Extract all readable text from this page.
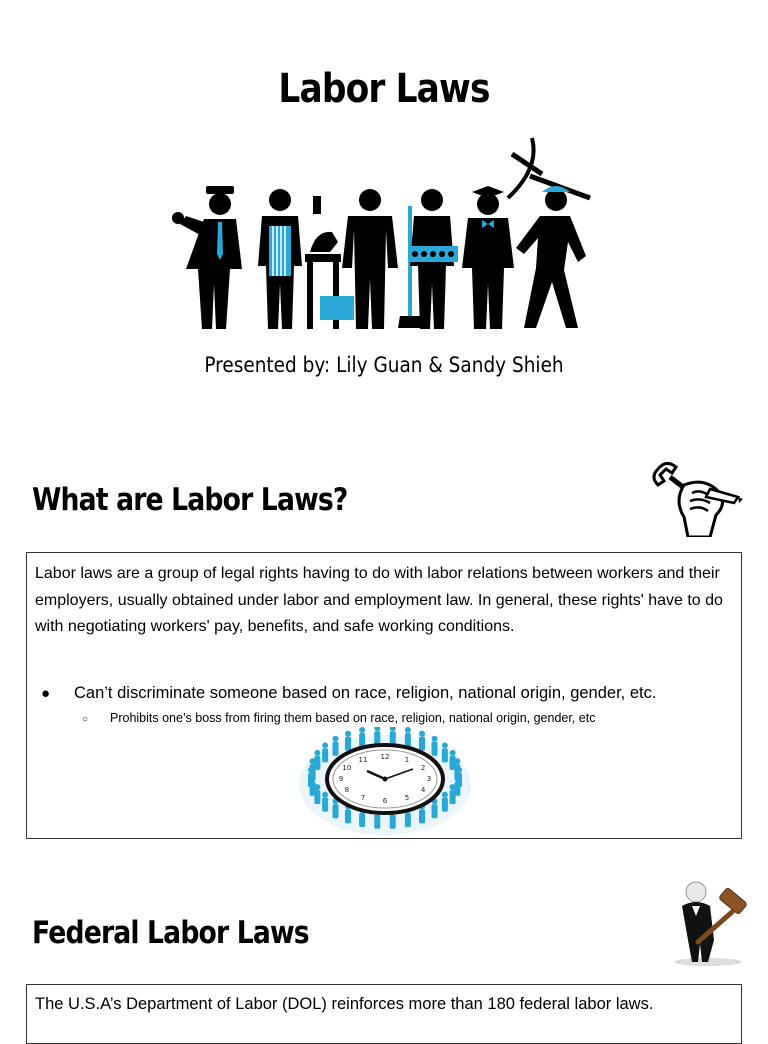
Labor Laws
Presented by: Lily Guan & Sandy Shieh
What are Labor Laws?
Labor laws are a group of legal rights having to do with labor relations between workers and their employers, usually obtained under labor and employment law. In general, these rights' have to do with negotiating workers' pay, benefits, and safe working conditions.
● Can’t discriminate someone based on race, religion, national origin, gender, etc.
○ Prohibits one’s boss from firing them based on race, religion, national origin, gender, etc
12 1
2
3
4
5
6
7
8
9
10
11
Federal Labor Laws
The U.S.A’s Department of Labor (DOL) reinforces more than 180 federal labor laws.
